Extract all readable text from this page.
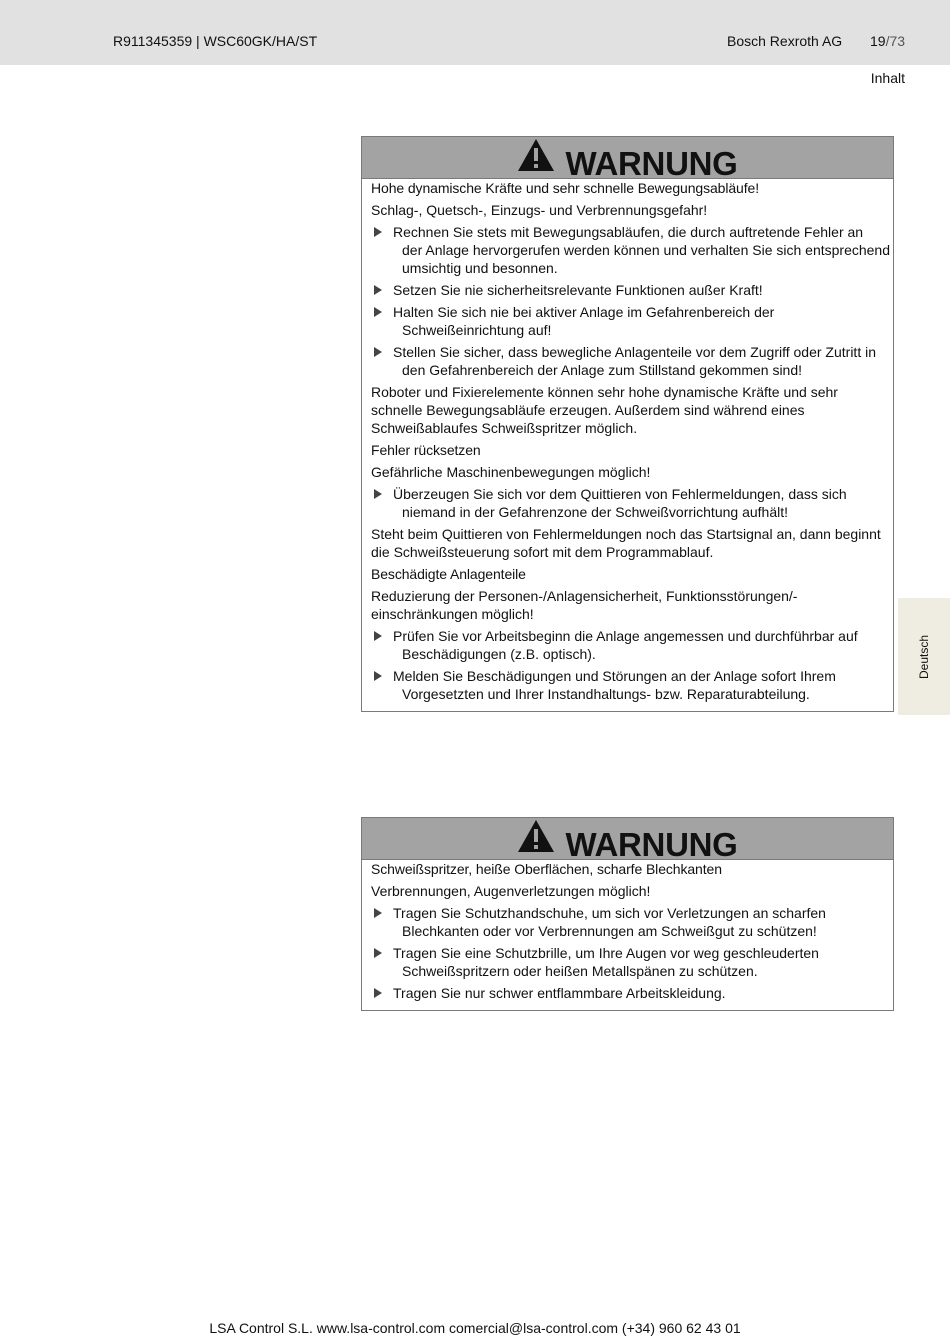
R911345359 | WSC60GK/HA/ST	Bosch Rexroth AG 19/73
Inhalt
WARNUNG

Hohe dynamische Kräfte und sehr schnelle Bewegungsabläufe!

Schlag-, Quetsch-, Einzugs- und Verbrennungsgefahr!

Rechnen Sie stets mit Bewegungsabläufen, die durch auftretende Fehler an
der Anlage hervorgerufen werden können und verhalten Sie sich entsprechend umsichtig und besonnen.
Setzen Sie nie sicherheitsrelevante Funktionen außer Kraft!
Halten Sie sich nie bei aktiver Anlage im Gefahrenbereich der
Schweißeinrichtung auf!
Stellen Sie sicher, dass bewegliche Anlagenteile vor dem Zugriff oder Zutritt in
den Gefahrenbereich der Anlage zum Stillstand gekommen sind!

Roboter und Fixierelemente können sehr hohe dynamische Kräfte und sehr schnelle Bewegungsabläufe erzeugen. Außerdem sind während eines Schweißablaufes Schweißspritzer möglich.

Fehler rücksetzen

Gefährliche Maschinenbewegungen möglich!

Überzeugen Sie sich vor dem Quittieren von Fehlermeldungen, dass sich
niemand in der Gefahrenzone der Schweißvorrichtung aufhält!

Steht beim Quittieren von Fehlermeldungen noch das Startsignal an, dann beginnt die Schweißsteuerung sofort mit dem Programmablauf.

Beschädigte Anlagenteile

Reduzierung der Personen-/Anlagensicherheit, Funktionsstörungen/-einschränkungen möglich!

Prüfen Sie vor Arbeitsbeginn die Anlage angemessen und durchführbar auf
Beschädigungen (z.B. optisch).
Melden Sie Beschädigungen und Störungen an der Anlage sofort Ihrem
Vorgesetzten und Ihrer Instandhaltungs- bzw. Reparaturabteilung.
Deutsch
WARNUNG

Schweißspritzer, heiße Oberflächen, scharfe Blechkanten

Verbrennungen, Augenverletzungen möglich!

Tragen Sie Schutzhandschuhe, um sich vor Verletzungen an scharfen
Blechkanten oder vor Verbrennungen am Schweißgut zu schützen!
Tragen Sie eine Schutzbrille, um Ihre Augen vor weg geschleuderten
Schweißspritzern oder heißen Metallspänen zu schützen.
Tragen Sie nur schwer entflammbare Arbeitskleidung.
LSA Control S.L. www.lsa-control.com comercial@lsa-control.com (+34) 960 62 43 01
